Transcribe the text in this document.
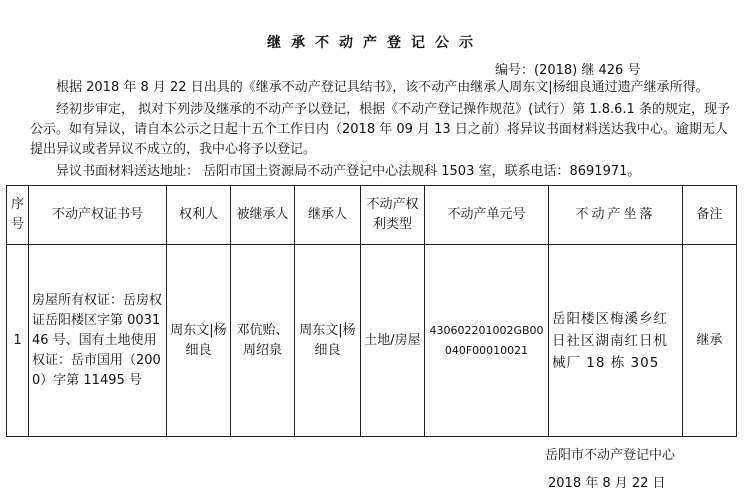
继承不动产登记公示
编号：(2018) 继 426 号
根据 2018 年 8 月 22 日出具的《继承不动产登记具结书》，该不动产由继承人周东文|杨细良通过遗产继承所得。
经初步审定， 拟对下列涉及继承的不动产予以登记，根据《不动产登记操作规范》(试行）第 1.8.6.1 条的规定，现予公示。如有异议，请自本公示之日起十五个工作日内（2018 年 09 月 13 日之前）将异议书面材料送达我中心。逾期无人提出异议或者异议不成立的，我中心将予以登记。
异议书面材料送达地址： 岳阳市国土资源局不动产登记中心法规科 1503 室，联系电话：8691971。
序号	不动产权证书号	权利人	被继承人	继承人	不动产权利类型	不动产单元号	不动产坐落	备注
1	房屋所有权证：岳房权证岳阳楼区字第 003146 号、国有土地使用权证：岳市国用（2000）字第 11495 号	周东文|杨细良	邓伉贻、周绍泉	周东文|杨细良	土地/房屋	430602201002GB00040F00010021	岳阳楼区梅溪乡红日社区湖南红日机械厂 18 栋 305	继承
岳阳市不动产登记中心
2018 年 8 月 22 日
